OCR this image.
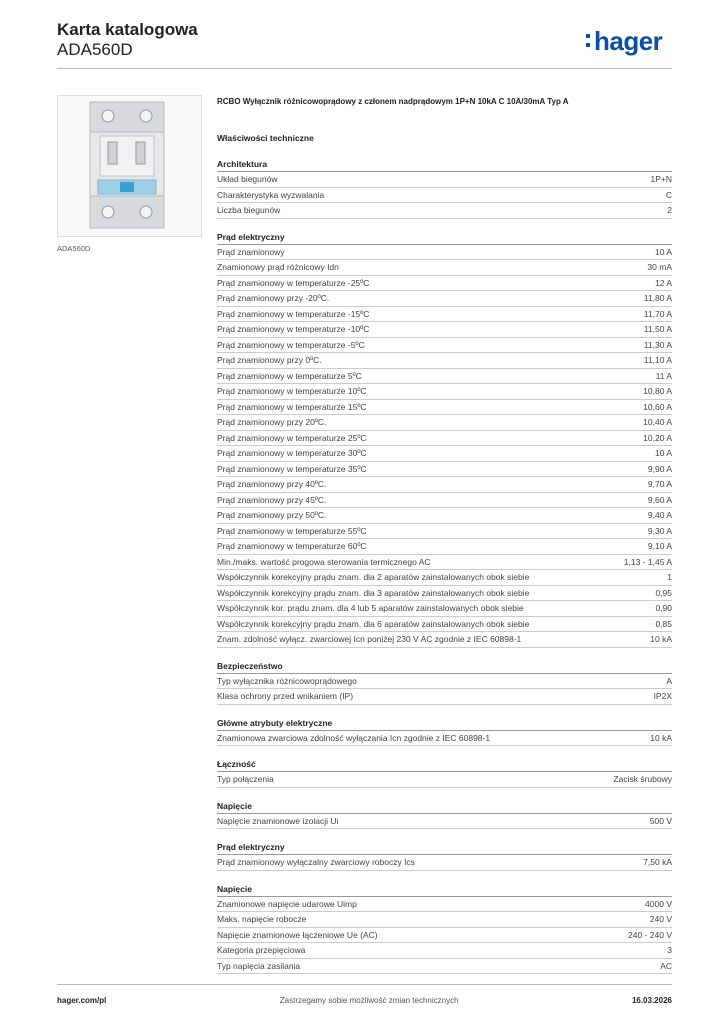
Karta katalogowa
ADA560D	hager
ADA560D
RCBO Wyłącznik różnicowoprądowy z członem nadprądowym 1P+N 10kA C 10A/30mA Typ A
Właściwości techniczne
Architektura
Układ biegunów	1P+N
Charakterystyka wyzwalania	C
Liczba biegunów	2
Prąd elektryczny
Prąd znamionowy	10 A
Znamionowy prąd różnicowy Idn	30 mA
Prąd znamionowy w temperaturze -25ºC	12 A
Prąd znamionowy przy -20ºC.	11,80 A
Prąd znamionowy w temperaturze -15ºC	11,70 A
Prąd znamionowy w temperaturze -10ºC	11,50 A
Prąd znamionowy w temperaturze -5ºC	11,30 A
Prąd znamionowy przy 0ºC.	11,10 A
Prąd znamionowy w temperaturze 5ºC	11 A
Prąd znamionowy w temperaturze 10ºC	10,80 A
Prąd znamionowy w temperaturze 15ºC	10,60 A
Prąd znamionowy przy 20ºC.	10,40 A
Prąd znamionowy w temperaturze 25ºC	10,20 A
Prąd znamionowy w temperaturze 30ºC	10 A
Prąd znamionowy w temperaturze 35ºC	9,90 A
Prąd znamionowy przy 40ºC.	9,70 A
Prąd znamionowy przy 45ºC.	9,60 A
Prąd znamionowy przy 50ºC.	9,40 A
Prąd znamionowy w temperaturze 55ºC	9,30 A
Prąd znamionowy w temperaturze 60ºC	9,10 A
Min./maks. wartość progowa sterowania termicznego AC	1,13 - 1,45 A
Współczynnik korekcyjny prądu znam. dla 2 aparatów zainstalowanych obok siebie	1
Współczynnik korekcyjny prądu znam. dla 3 aparatów zainstalowanych obok siebie	0,95
Współczynnik kor. prądu znam. dla 4 lub 5 aparatów zainstalowanych obok siebie	0,90
Współczynnik korekcyjny prądu znam. dla 6 aparatów zainstalowanych obok siebie	0,85
Znam. zdolność wyłącz. zwarciowej Icn poniżej 230 V AC zgodnie z IEC 60898-1	10 kA
Bezpieczeństwo
Typ wyłącznika różnicowoprądowego	A
Klasa ochrony przed wnikaniem (IP)	IP2X
Główne atrybuty elektryczne
Znamionowa zwarciowa zdolność wyłączania Icn zgodnie z IEC 60898-1	10 kA
Łączność
Typ połączenia	Zacisk śrubowy
Napięcie
Napięcie znamionowe izolacji Ui	500 V
Prąd elektryczny
Prąd znamionowy wyłączalny zwarciowy roboczy Ics	7,50 kA
Napięcie
Znamionowe napięcie udarowe Uimp	4000 V
Maks. napięcie robocze	240 V
Napięcie znamionowe łączeniowe Ue (AC)	240 - 240 V
Kategoria przepięciowa	3
Typ napięcia zasilania	AC
hager.com/pl	Zastrzegamy sobie możliwość zmian technicznych	16.03.2026
